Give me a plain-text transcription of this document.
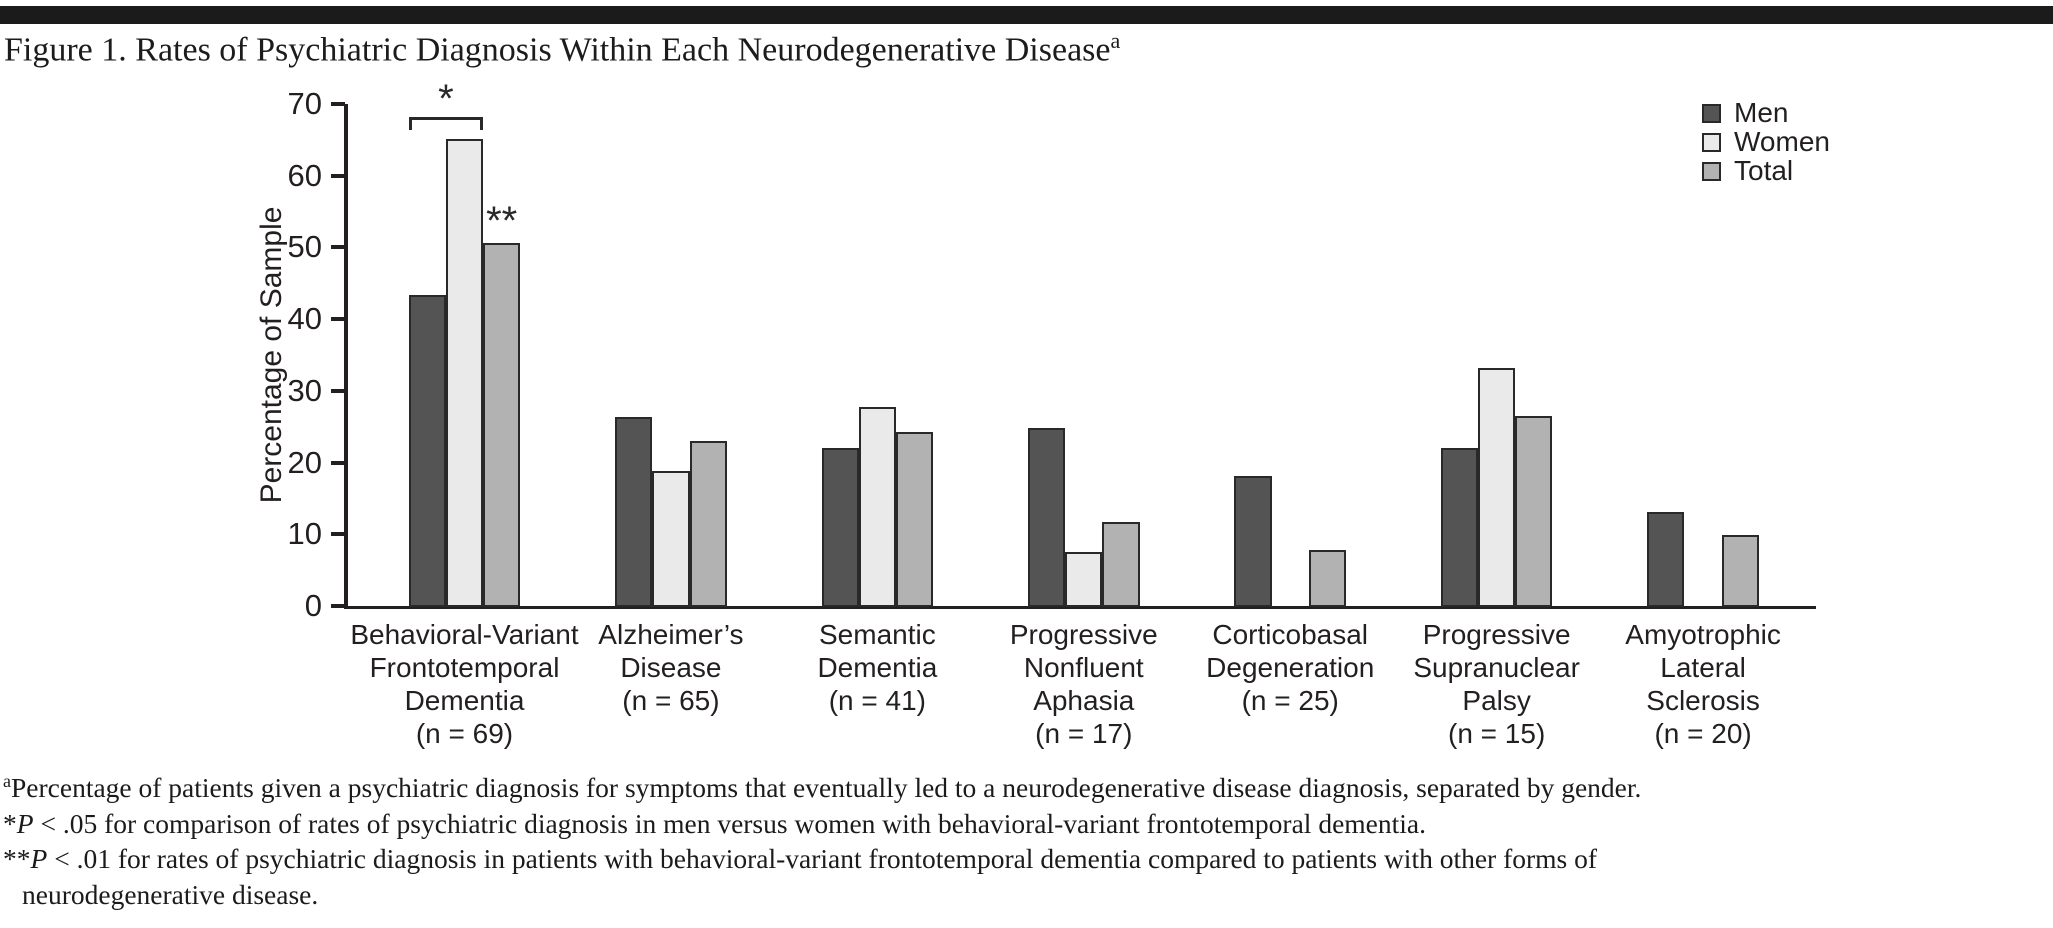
Figure 1. Rates of Psychiatric Diagnosis Within Each Neurodegenerative Disease$^a$
Percentage of Sample
0
10
20
30
40
50
60
70
Behavioral-Variant
Frontotemporal
Dementia
(n = 69)
Alzheimer’s
Disease
(n = 65)
Semantic
Dementia
(n = 41)
Progressive
Nonfluent
Aphasia
(n = 17)
Corticobasal
Degeneration
(n = 25)
Progressive
Supranuclear
Palsy
(n = 15)
Amyotrophic
Lateral
Sclerosis
(n = 20)
*
**
Men
Women
Total
$^a$Percentage of patients given a psychiatric diagnosis for symptoms that eventually led to a neurodegenerative disease diagnosis, separated by gender.
*P < .05 for comparison of rates of psychiatric diagnosis in men versus women with behavioral-variant frontotemporal dementia.
**P < .01 for rates of psychiatric diagnosis in patients with behavioral-variant frontotemporal dementia compared to patients with other forms of
neurodegenerative disease.
